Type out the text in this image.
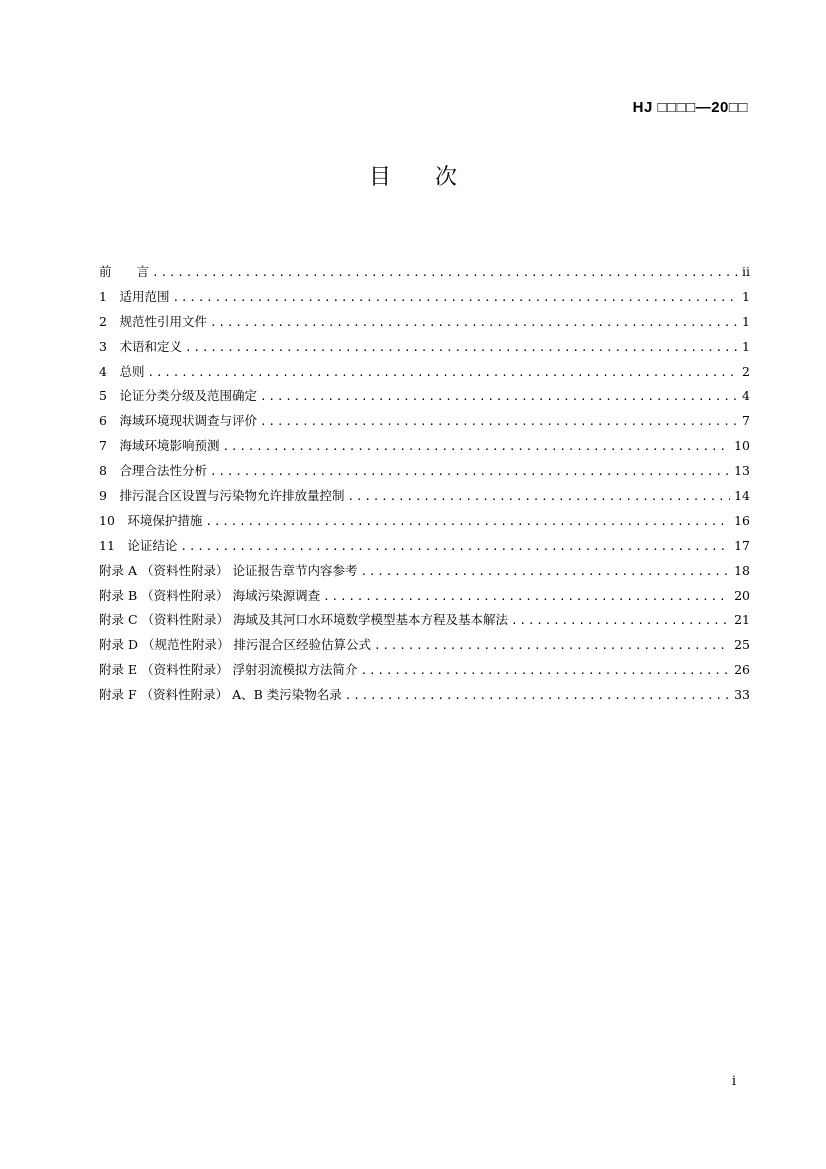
HJ □□□□—20□□
目　　次
前　　言 .....	ii
1　适用范围 .....	1
2　规范性引用文件 .....	1
3　术语和定义 .....	1
4　总则 .....	2
5　论证分类分级及范围确定 .....	4
6　海域环境现状调查与评价 .....	7
7　海域环境影响预测 .....	10
8　合理合法性分析 .....	13
9　排污混合区设置与污染物允许排放量控制 .....	14
10　环境保护措施 .....	16
11　论证结论 .....	17
附录 A （资料性附录） 论证报告章节内容参考 .....	18
附录 B （资料性附录） 海域污染源调查 .....	20
附录 C （资料性附录） 海域及其河口水环境数学模型基本方程及基本解法 .....	21
附录 D （规范性附录） 排污混合区经验估算公式 .....	25
附录 E （资料性附录） 浮射羽流模拟方法简介 .....	26
附录 F （资料性附录） A、B 类污染物名录 .....	33
i
